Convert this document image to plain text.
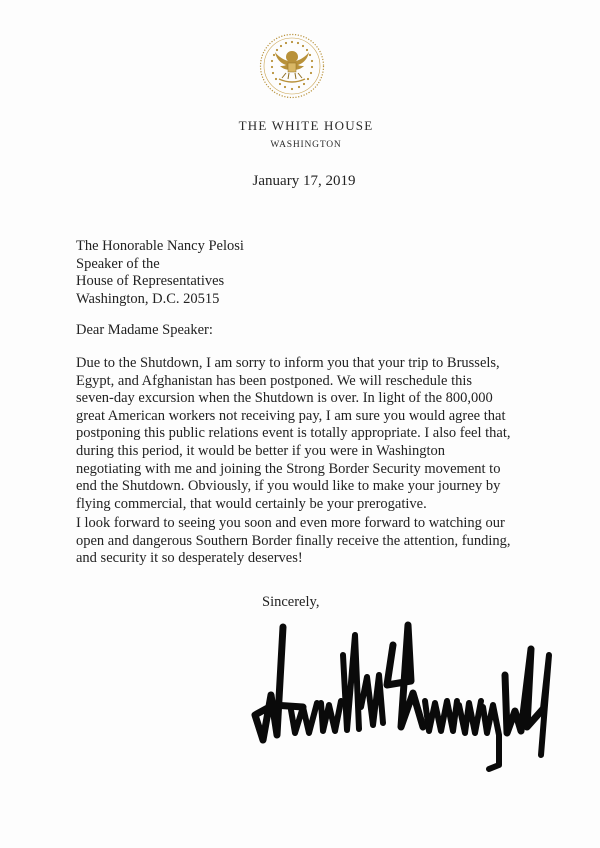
THE WHITE HOUSE
WASHINGTON
January 17, 2019
The Honorable Nancy Pelosi
Speaker of the
House of Representatives
Washington, D.C. 20515
Dear Madame Speaker:
Due to the Shutdown, I am sorry to inform you that your trip to Brussels,
Egypt, and Afghanistan has been postponed. We will reschedule this
seven-day excursion when the Shutdown is over. In light of the 800,000
great American workers not receiving pay, I am sure you would agree that
postponing this public relations event is totally appropriate. I also feel that,
during this period, it would be better if you were in Washington
negotiating with me and joining the Strong Border Security movement to
end the Shutdown. Obviously, if you would like to make your journey by
flying commercial, that would certainly be your prerogative.
I look forward to seeing you soon and even more forward to watching our
open and dangerous Southern Border finally receive the attention, funding,
and security it so desperately deserves!
Sincerely,
